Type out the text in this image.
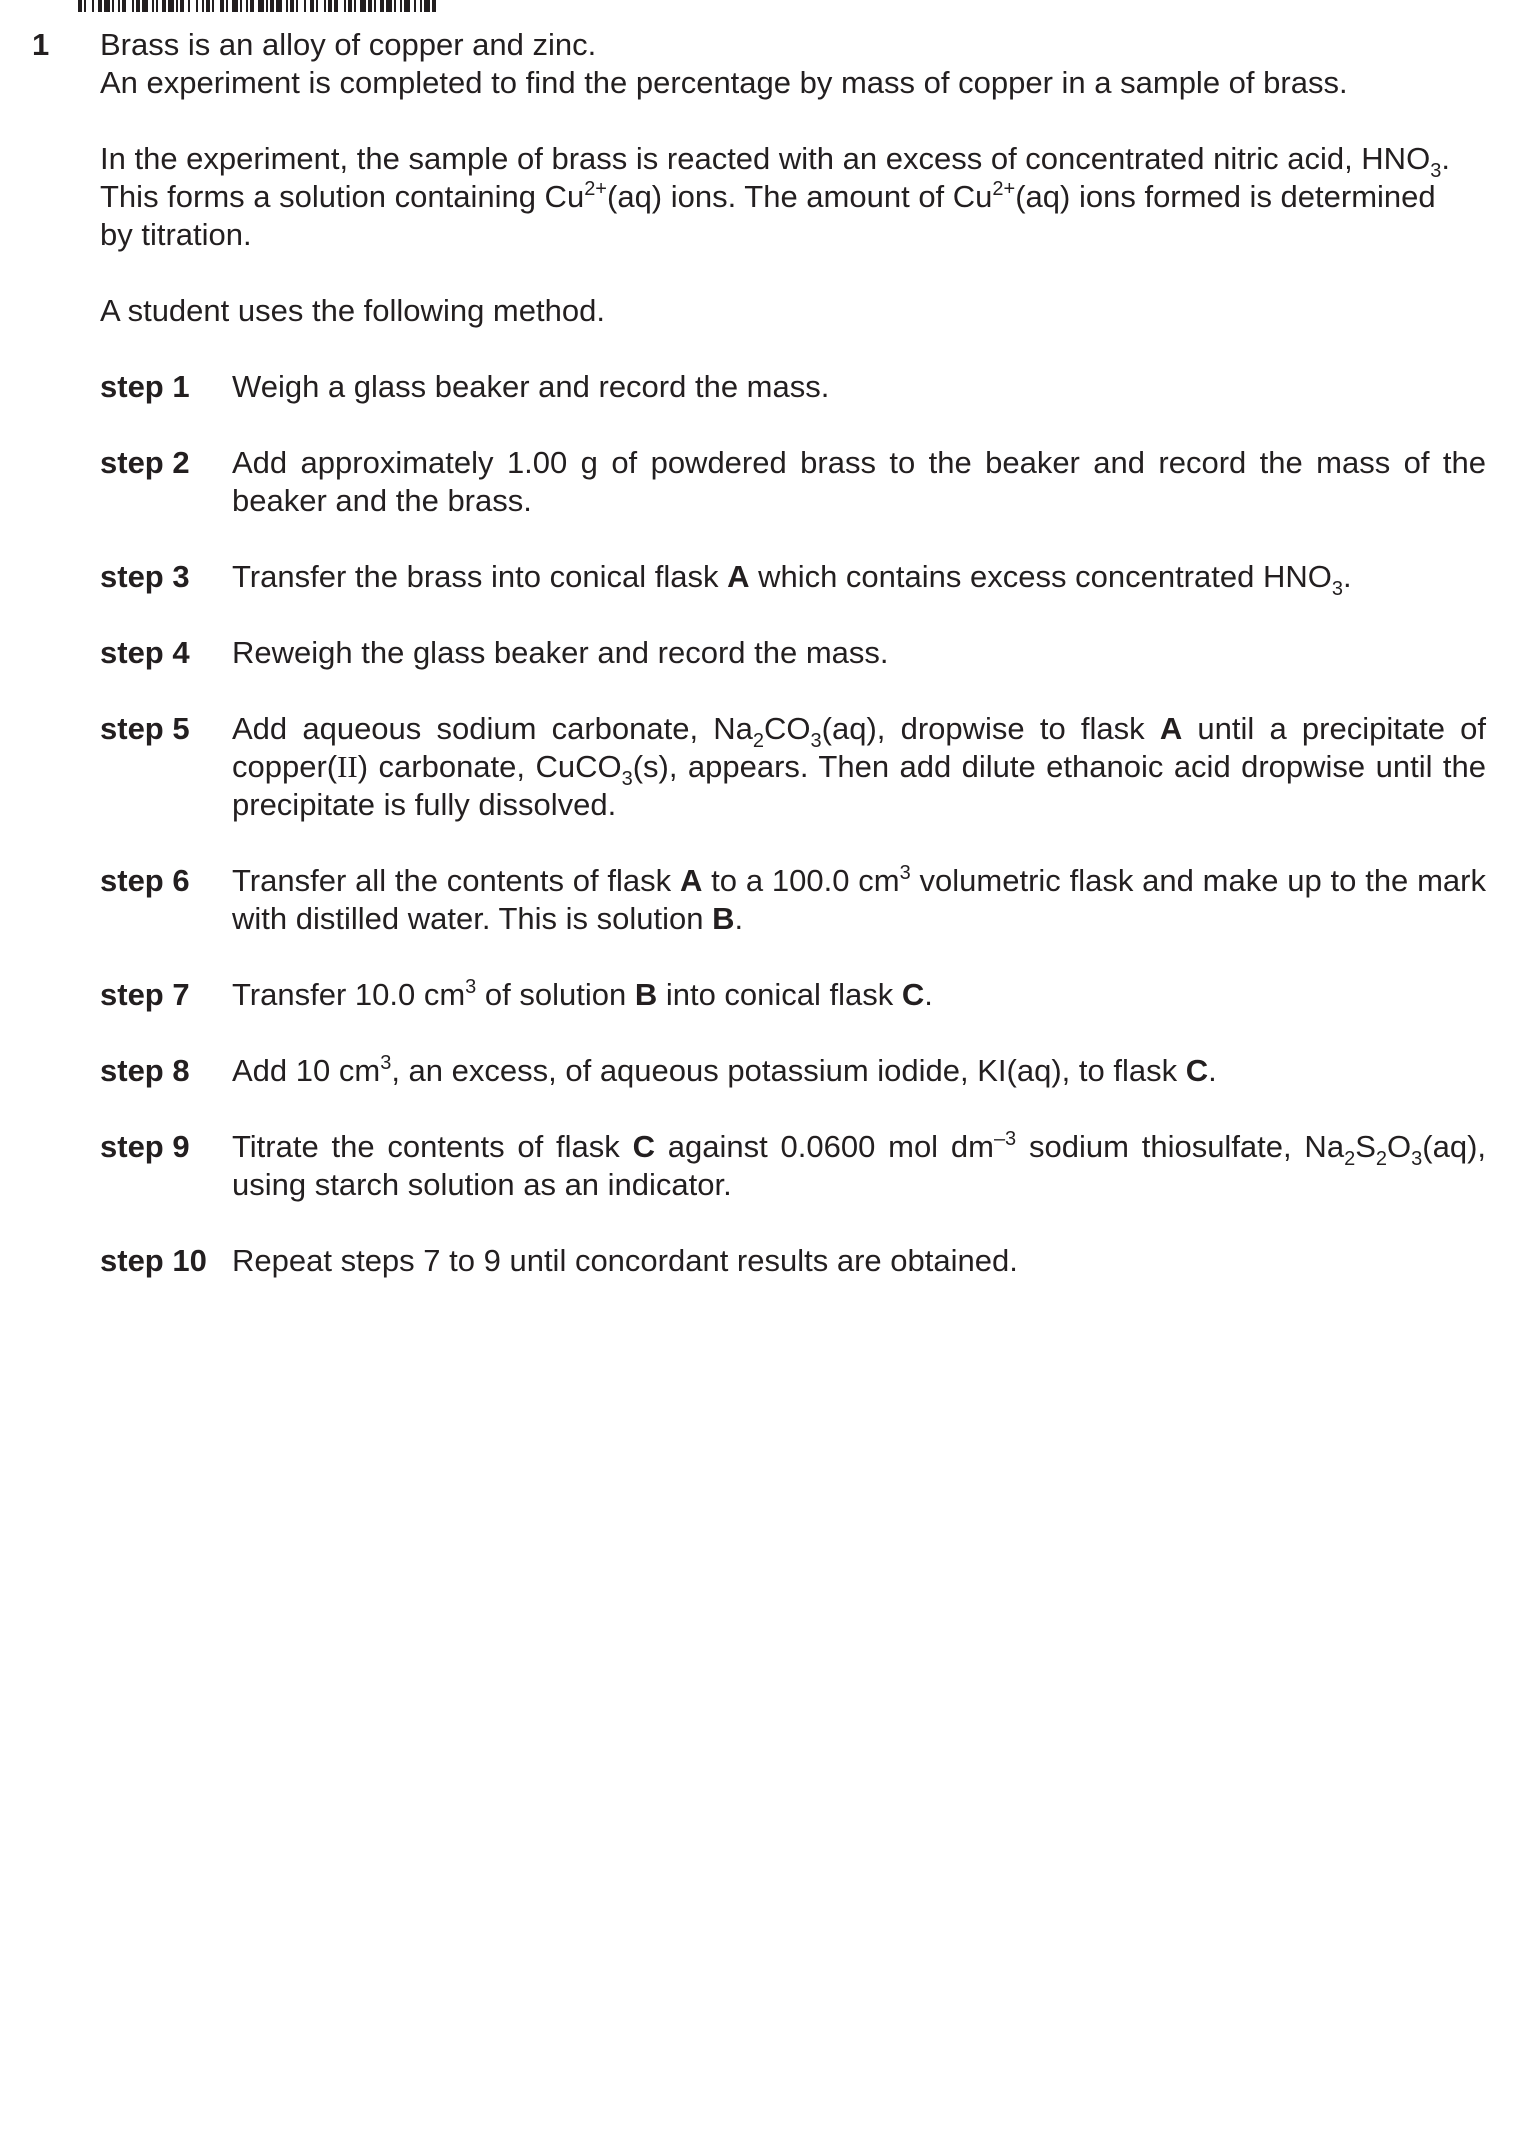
1 Brass is an alloy of copper and zinc.

An experiment is completed to find the percentage by mass of copper in a sample of brass.

In the experiment, the sample of brass is reacted with an excess of concentrated nitric acid, $HNO_3$.
This forms a solution containing $Cu^{2+}(aq)$ ions. The amount of $Cu^{2+}(aq)$ ions formed is determined
by titration.

A student uses the following method.

step 1	Weigh a glass beaker and record the mass.
step 2	Add approximately 1.00 g of powdered brass to the beaker and record the mass of the beaker and the brass.
step 3	Transfer the brass into conical flask A which contains excess concentrated $HNO_3$.
step 4	Reweigh the glass beaker and record the mass.
step 5	Add aqueous sodium carbonate, $Na_2CO_3(aq)$, dropwise to flask A until a precipitate of copper(II) carbonate, CuCO$_3$(s), appears. Then add dilute ethanoic acid dropwise until the precipitate is fully dissolved.
step 6	Transfer all the contents of flask A to a 100.0 $cm^3$ volumetric flask and make up to the mark with distilled water. This is solution B.
step 7	Transfer 10.0 $cm^3$ of solution B into conical flask C.
step 8	Add 10 $cm^3$, an excess, of aqueous potassium iodide, KI(aq), to flask C.
step 9	Titrate the contents of flask C against 0.0600 mol $dm^{-3}$ sodium thiosulfate, $Na_2S_2O_3(aq)$, using starch solution as an indicator.
step 10 Repeat steps 7 to 9 until concordant results are obtained.
